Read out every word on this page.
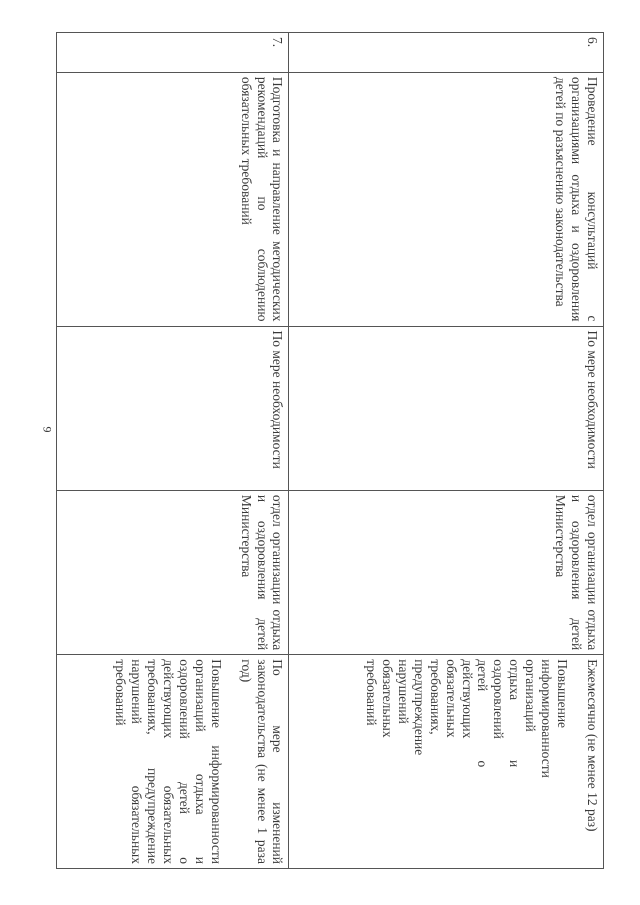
9
6.	Проведение консультаций с организациями отдыха и оздоровления детей по разъяснению законодательства	По мере необходимости	отдел организации отдыха и оздоровления детей Министерства	Ежемесячно (не менее 12 раз)
Повышение информированности организаций отдыха и оздоровлений детей о действующих обязательных требованиях, предупреждение нарушений обязательных требований

7.	Подготовка и направление методических рекомендаций по соблюдению обязательных требований	По мере необходимости	отдел организации отдыха и оздоровления детей Министерства	По мере изменений законодательства (не менее 1 раза год)
Повышение информированности организаций отдыха и оздоровлений детей о действующих обязательных требованиях, предупреждение нарушений обязательных требований
